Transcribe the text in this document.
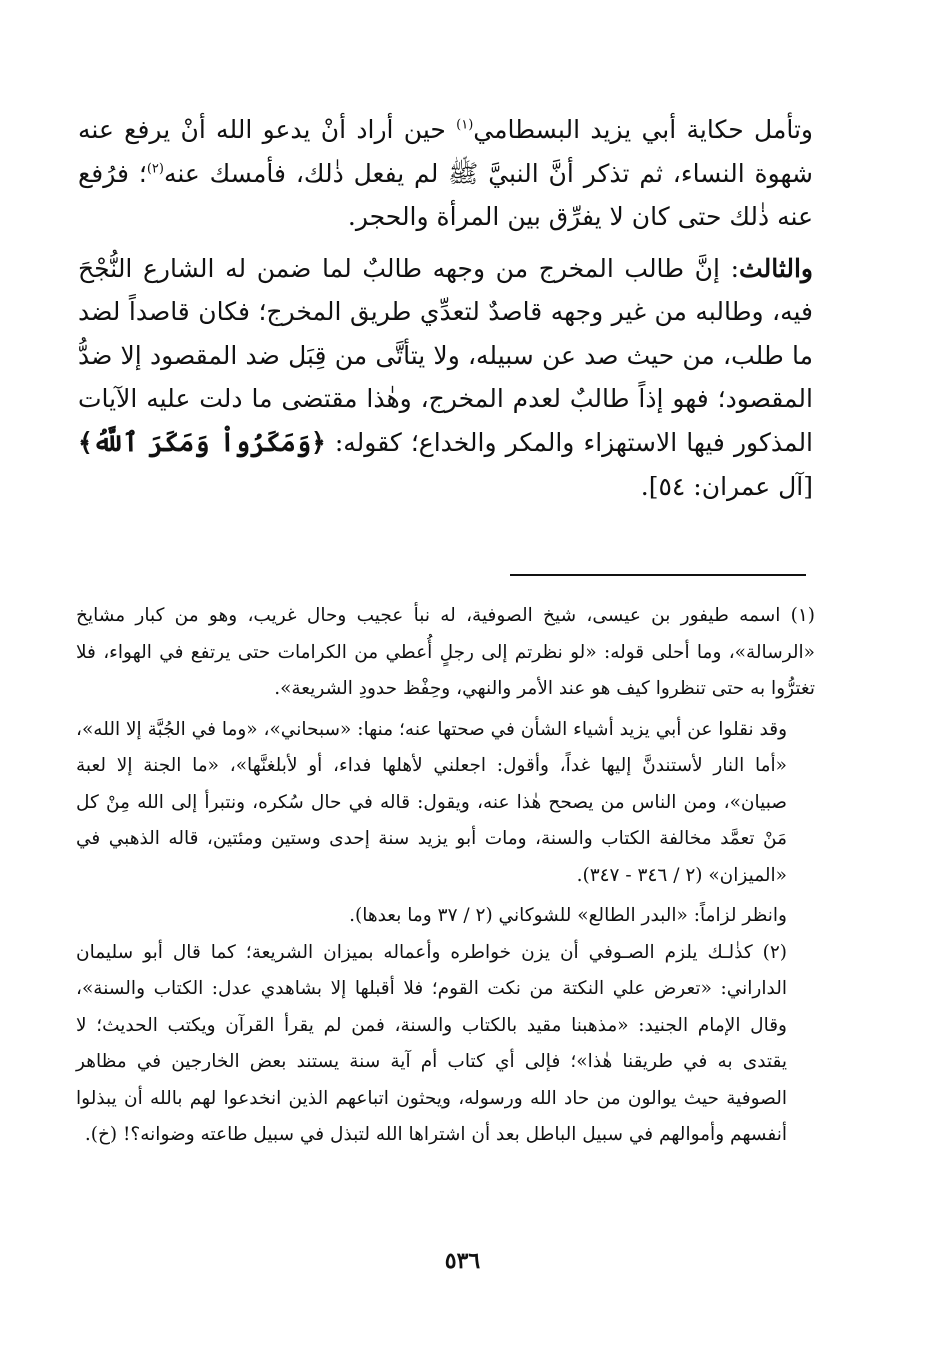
وتأمل حكاية أبي يزيد البسطامي$^{(١)}$ حين أراد أنْ يدعو الله أنْ يرفع عنه شهوة النساء، ثم تذكر أنَّ النبيَّ ﷺ لم يفعل ذٰلك، فأمسك عنه$^{(٢)}$؛ فرُفع عنه ذٰلك حتى كان لا يفرِّق بين المرأة والحجر.

والثالث: إنَّ طالب المخرج من وجهه طالبٌ لما ضمن له الشارع النُّجْحَ فيه، وطالبه من غير وجهه قاصدٌ لتعدِّي طريق المخرج؛ فكان قاصداً لضد ما طلب، من حيث صد عن سبيله، ولا يتأتَّى من قِبَل ضد المقصود إلا ضدُّ المقصود؛ فهو إذاً طالبٌ لعدم المخرج، وهٰذا مقتضى ما دلت عليه الآيات المذكور فيها الاستهزاء والمكر والخداع؛ كقوله: ﴿وَمَكَرُواْ وَمَكَرَ ٱللَّهُ﴾ [آل عمران: ٥٤].

(١) اسمه طيفور بن عيسى، شيخ الصوفية، له نبأ عجيب وحال غريب، وهو من كبار مشايخ «الرسالة»، وما أحلى قوله: «لو نظرتم إلى رجلٍ أُعطي من الكرامات حتى يرتفع في الهواء، فلا تغترُّوا به حتى تنظروا كيف هو عند الأمر والنهي، وحِفْظ حدودِ الشريعة».

وقد نقلوا عن أبي يزيد أشياء الشأن في صحتها عنه؛ منها: «سبحاني»، «وما في الجُبَّة إلا الله»، «أما النار لأستندنَّ إليها غداً، وأقول: اجعلني لأهلها فداء، أو لأبلغنَّها»، «ما الجنة إلا لعبة صبيان»، ومن الناس من يصحح هٰذا عنه، ويقول: قاله في حال سُكره، ونتبرأ إلى الله مِنْ كل مَنْ تعمَّد مخالفة الكتاب والسنة، ومات أبو يزيد سنة إحدى وستين ومئتين، قاله الذهبي في «الميزان» (٢ / ٣٤٦ - ٣٤٧).

وانظر لزاماً: «البدر الطالع» للشوكاني (٢ / ٣٧ وما بعدها).

(٢) كذٰلـك يلزم الصـوفي أن يزن خواطره وأعماله بميزان الشريعة؛ كما قال أبو سليمان الداراني: «تعرض علي النكتة من نكت القوم؛ فلا أقبلها إلا بشاهدي عدل: الكتاب والسنة»، وقال الإمام الجنيد: «مذهبنا مقيد بالكتاب والسنة، فمن لم يقرأ القرآن ويكتب الحديث؛ لا يقتدى به في طريقنا هٰذا»؛ فإلى أي كتاب أم آية سنة يستند بعض الخارجين في مظاهر الصوفية حيث يوالون من حاد الله ورسوله، ويحثون اتباعهم الذين انخدعوا لهم بالله أن يبذلوا أنفسهم وأموالهم في سبيل الباطل بعد أن اشتراها الله لتبذل في سبيل طاعته وضوانه؟! (خ).

٥٣٦
